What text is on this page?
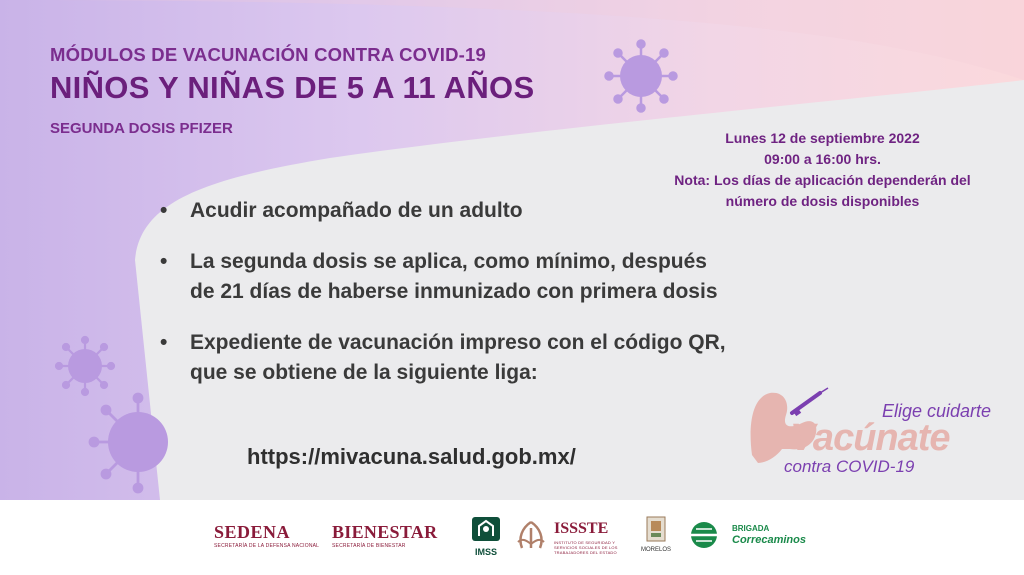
MÓDULOS DE VACUNACIÓN CONTRA COVID-19

NIÑOS Y NIÑAS DE 5 A 11 AÑOS

SEGUNDA DOSIS PFIZER

Lunes 12 de septiembre 2022
09:00 a 16:00 hrs.
Nota: Los días de aplicación dependerán del
número de dosis disponibles
• Acudir acompañado de un adulto
• La segunda dosis se aplica, como mínimo, después
de 21 días de haberse inmunizado con primera dosis
• Expediente de vacunación impreso con el código QR,
que se obtiene de la siguiente liga:
https://mivacuna.salud.gob.mx/
Elige cuidarte
Vacúnate
contra COVID-19
SEDENA
SECRETARÍA DE LA DEFENSA NACIONAL
BIENESTAR
SECRETARÍA DE BIENESTAR
IMSS
ISSSTE
INSTITUTO DE SEGURIDAD Y SERVICIOS SOCIALES DE LOS TRABAJADORES DEL ESTADO	MORELOS
BRIGADA
Correcaminos
